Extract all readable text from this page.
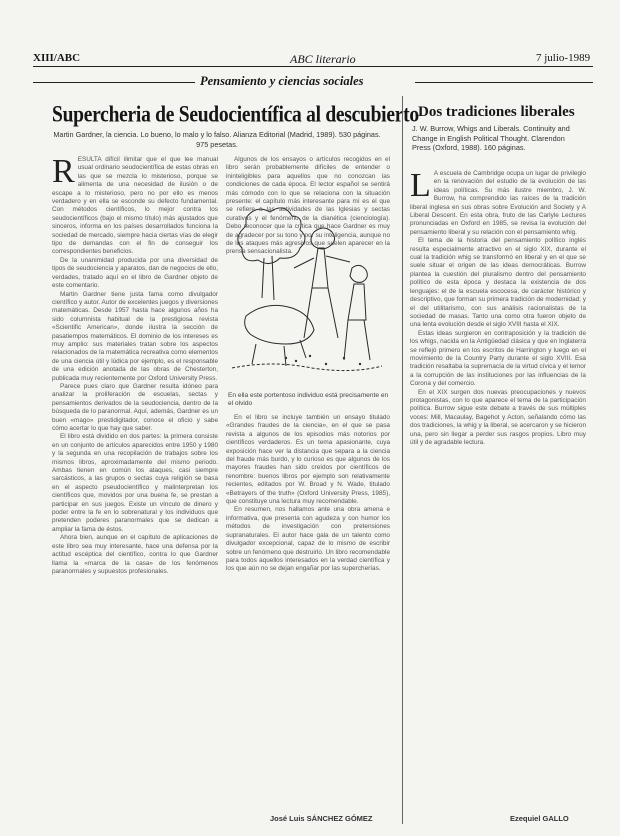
XIII/ABC	ABC literario	7 julio-1989
Pensamiento y ciencias sociales
Supercheria de Seudocientífica al descubierto
Martin Gardner, la ciencia. Lo bueno, lo malo y lo falso. Alianza Editorial (Madrid, 1989). 530 páginas. 975 pesetas.
R ESULTA difícil ilimitar que el que lee manual usual ordinario seudocientífica de estas obras en las que se mezcla lo misterioso, porque se alimenta de una necesidad de ilusión o de escape a lo misterioso, pero no por ello es menos verdadero y en ella se esconde su defecto fundamental. Con métodos científicos, lo mejor contra los seudocientíficos (bajo el mismo título) más ajustados que sinceros, informa en los países desarrollados funciona la sociedad de mercado, siempre hacia ciertas vías de elegir tipo de demandas con el fin de conseguir los correspondientes beneficios.

De la unanimidad producida por una diversidad de tipos de seudociencia y aparatos, dan de negocios de ello, verdades, tratado aquí en el libro de Gardner objeto de este comentario.

Martin Gardner tiene justa fama como divulgador científico y autor. Autor de excelentes juegos y diversiones matemáticas. Desde 1957 hasta hace algunos años ha sido columnista habitual de la prestigiosa revista «Scientific American», donde ilustra la sección de pasatiempos matemáticos. El dominio de los intereses es muy amplio: sus materiales tratan sobre los aspectos relacionados de la matemática recreativa como elementos de una ciencia útil y lúdica por ejemplo, es el responsable de una edición anotada de las obras de Chesterton, publicada muy recientemente por Oxford University Press.

Parece pues claro que Gardner resulta idóneo para analizar la proliferación de escuelas, sectas y pensamientos derivados de la seudociencia, dentro de la búsqueda de lo paranormal. Aquí, además, Gardner es un buen «mago» prestidigitador, conoce el oficio y sabe cómo acertar lo que hay que saber.

El libro está dividido en dos partes: la primera consiste en un conjunto de artículos aparecidos entre 1950 y 1980 y la segunda en una recopilación de trabajos sobre los mismos libros, aproximadamente del mismo periodo. Ambas tienen en común los ataques, casi siempre sarcásticos, a las grupos o sectas cuya religión se basa en el aspecto pseudocientífico y malinterpretan los científicos que, movidos por una buena fe, se prestan a participar en sus juegos. Existe un vínculo de dinero y poder entre la fe en lo sobrenatural y los individuos que pretenden poderes paranormales que se dedican a ampliar la fama de éstos.

Ahora bien, aunque en el capítulo de aplicaciones de este libro sea muy interesante, hace una defensa por la actitud escéptica del científico, contra lo que Gardner llama la «marca de la casa» de los fenómenos paranormales y supuestos profesionales.

Algunos de los ensayos o artículos recogidos en el libro serán probablemente difíciles de entender o ininteligibles para aquellos que no conozcan las condiciones de cada época. El lector español se sentirá más cómodo con lo que se relaciona con la situación presente: el capítulo más interesante para mí es el que se refiere a las actividades de las Iglesias y sectas curativas y el fenómeno de la dianética (cienciología). Debo reconocer que la crítica que hace Gardner es muy de agradecer por su tono y por su inteligencia, aunque no de los ataques más agresivos que suelen aparecer en la prensa sensacionalista.

En ella este portentoso individuo está precisamente en el olvido

En el libro se incluye también un ensayo titulado «Grandes fraudes de la ciencia», en el que se pasa revista a algunos de los episodios más notorios por científicos verdaderos. Es un tema apasionante, cuya exposición hace ver la distancia que separa a la ciencia del fraude más burdo, y lo curioso es que algunos de los mayores fraudes han sido creídos por científicos de renombre: buenos libros por ejemplo son relativamente recientes, editados por W. Broad y N. Wade, titulado «Betrayers of the truth» (Oxford University Press, 1985), que constituye una lectura muy recomendable.

En resumen, nos hallamos ante una obra amena e informativa, que presenta con agudeza y con humor los métodos de investigación con pretensiones supranaturales. El autor hace gala de un talento como divulgador excepcional, capaz de lo mismo de escribir sobre un fenómeno que destruirlo. Un libro recomendable para todos aquellos interesados en la verdad científica y los que aún no se dejan engañar por las supercherías.

José Luis SÁNCHEZ GÓMEZ
Dos tradiciones liberales
J. W. Burrow, Whigs and Liberals. Continuity and Change in English Political Thought. Clarendon Press (Oxford, 1988). 160 páginas.
L A escuela de Cambridge ocupa un lugar de privilegio en la renovación del estudio de la evolución de las ideas políticas. Su más ilustre miembro, J. W. Burrow, ha comprendido las raíces de la tradición liberal inglesa en sus obras sobre Evolución and Society y A Liberal Descent. En esta obra, fruto de las Carlyle Lectures pronunciadas en Oxford en 1985, se revisa la evolución del pensamiento liberal y su relación con el pensamiento whig.

El tema de la historia del pensamiento político inglés resulta especialmente atractivo en el siglo XIX, durante el cual la tradición whig se transformó en liberal y en el que se suele situar el origen de las ideas democráticas. Burrow plantea la cuestión del pluralismo dentro del pensamiento político de esta época y destaca la existencia de dos lenguajes: el de la escuela escocesa, de carácter histórico y descriptivo, que forman su primera tradición de modernidad; y el del utilitarismo, con sus análisis racionalistas de la sociedad de masas. Tanto una como otra fueron objeto de una lenta evolución desde el siglo XVIII hasta el XIX.

Estas ideas surgieron en contraposición y la tradición de los whigs, nacida en la Antigüedad clásica y que en Inglaterra se reflejó primero en los escritos de Harrington y luego en el movimiento de la Country Party durante el siglo XVIII. Esa tradición resaltaba la supremacía de la virtud cívica y el temor a la corrupción de las instituciones por las influencias de la Corona y del comercio.

En el XIX surgen dos nuevas preocupaciones y nuevos protagonistas, con lo que aparece el tema de la participación política. Burrow sigue este debate a través de sus múltiples voces: Mill, Macaulay, Bagehot y Acton, señalando cómo las dos tradiciones, la whig y la liberal, se acercaron y se hicieron una, pero sin llegar a perder sus rasgos propios. Libro muy útil y de agradable lectura.

Ezequiel GALLO
